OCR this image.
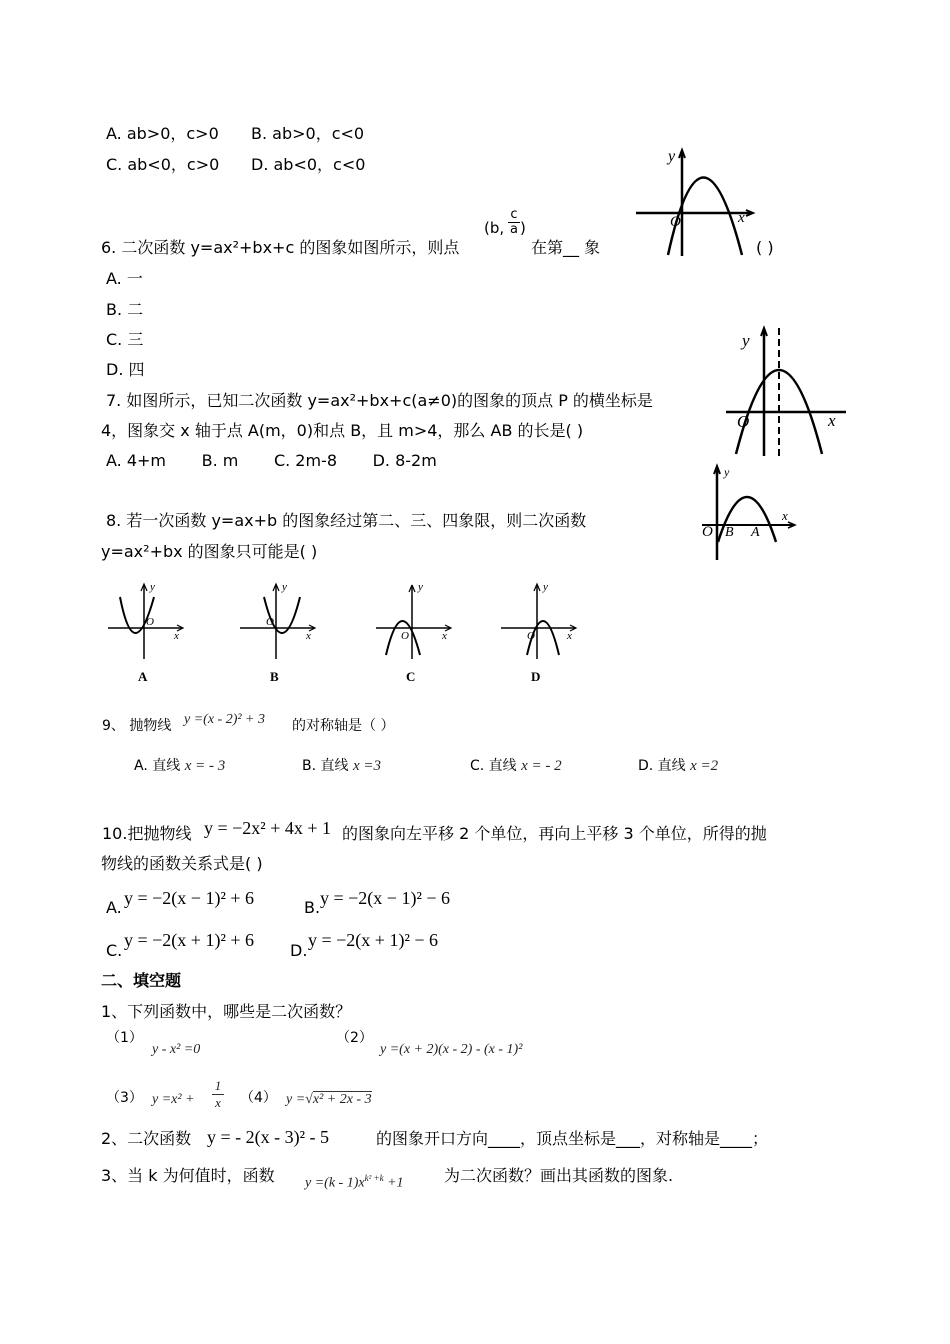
A. ab>0，c>0 B. ab>0，c<0
C. ab<0，c>0 D. ab<0，c<0	y
O	x
6. 二次函数 y=ax²+bx+c 的图象如图所示，则点
(b,
c
a )
在第__ 象	( )
A. 一
B. 二
C. 三
D. 四
y
O	x
7. 如图所示，已知二次函数 y=ax²+bx+c(a≠0)的图象的顶点 P 的横坐标是
4，图象交 x 轴于点 A(m，0)和点 B，且 m>4，那么 AB 的长是( )
A. 4+m       B. m       C. 2m-8       D. 8-2m
y
O B A
x
8. 若一次函数 y=ax+b 的图象经过第二、三、四象限，则二次函数
y=ax²+bx 的图象只可能是( )
y
O
x
A
y
O
x
B
y
O	x
C
y
O	x
D
9、 抛物线 y =(x - 2)² + 3 的对称轴是（ ）
A. 直线 x = - 3	B. 直线 x =3	C. 直线 x = - 2	D. 直线 x =2
10.把抛物线 y = −2x² + 4x + 1 的图象向左平移 2 个单位，再向上平移 3 个单位，所得的抛
物线的函数关系式是( )
A. y = −2(x − 1)² + 6	B. y = −2(x − 1)² − 6
C.
y = −2(x + 1)² + 6
D.
y = −2(x + 1)² − 6
二、填空题
1、下列函数中，哪些是二次函数？
（1）
y - x² =0
（2）
y =(x + 2)(x - 2) - (x - 1)²
（3） y =x² +
1
x （4） y =√x² + 2x - 3
2、二次函数 y = - 2(x - 3)² - 5	的图象开口方向____，顶点坐标是___，对称轴是____；
3、当 k 为何值时，函数 $y =(k - 1)x^{k^2 +k} +1$	为二次函数？画出其函数的图象.
